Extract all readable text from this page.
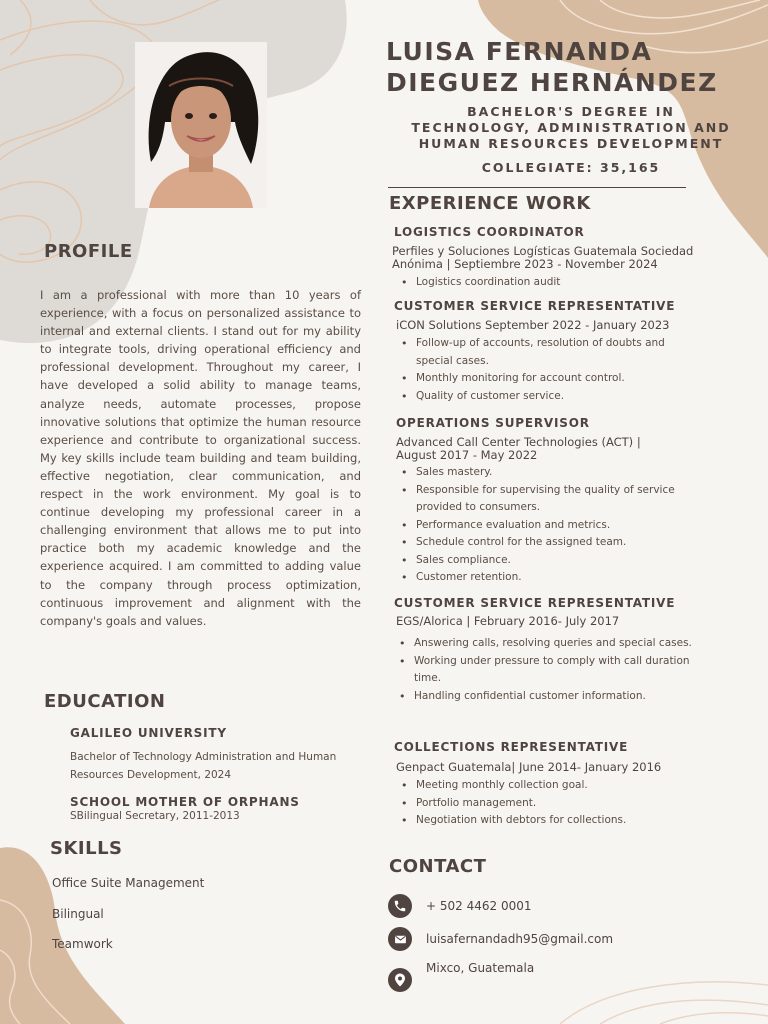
LUISA FERNANDA
DIEGUEZ HERNÁNDEZ
BACHELOR'S DEGREE IN
TECHNOLOGY, ADMINISTRATION AND
HUMAN RESOURCES DEVELOPMENT
COLLEGIATE: 35,165
PROFILE
I am a professional with more than 10 years of experience, with a focus on personalized assistance to internal and external clients. I stand out for my ability to integrate tools, driving operational efficiency and professional development. Throughout my career, I have developed a solid ability to manage teams, analyze needs, automate processes, propose innovative solutions that optimize the human resource experience and contribute to organizational success. My key skills include team building and team building, effective negotiation, clear communication, and respect in the work environment. My goal is to continue developing my professional career in a challenging environment that allows me to put into practice both my academic knowledge and the experience acquired. I am committed to adding value to the company through process optimization, continuous improvement and alignment with the company's goals and values.
EDUCATION
GALILEO UNIVERSITY
Bachelor of Technology Administration and Human
Resources Development, 2024
SCHOOL MOTHER OF ORPHANS
SBilingual Secretary, 2011-2013
SKILLS
Office Suite Management
Bilingual
Teamwork
EXPERIENCE WORK
LOGISTICS COORDINATOR
Perfiles y Soluciones Logísticas Guatemala Sociedad
Anónima | Septiembre 2023 - November 2024
• Logistics coordination audit
CUSTOMER SERVICE REPRESENTATIVE
iCON Solutions September 2022 - January 2023
• Follow-up of accounts, resolution of doubts and
special cases.
• Monthly monitoring for account control.
• Quality of customer service.
OPERATIONS SUPERVISOR
Advanced Call Center Technologies (ACT) |
August 2017 - May 2022
• Sales mastery.
• Responsible for supervising the quality of service
provided to consumers.
• Performance evaluation and metrics.
• Schedule control for the assigned team.
• Sales compliance.
• Customer retention.
CUSTOMER SERVICE REPRESENTATIVE
EGS/Alorica | February 2016- July 2017
• Answering calls, resolving queries and special cases.
• Working under pressure to comply with call duration
time.
• Handling confidential customer information.
COLLECTIONS REPRESENTATIVE
Genpact Guatemala| June 2014- January 2016
• Meeting monthly collection goal.
• Portfolio management.
• Negotiation with debtors for collections.
CONTACT
+ 502 4462 0001
luisafernandadh95@gmail.com
Mixco, Guatemala
